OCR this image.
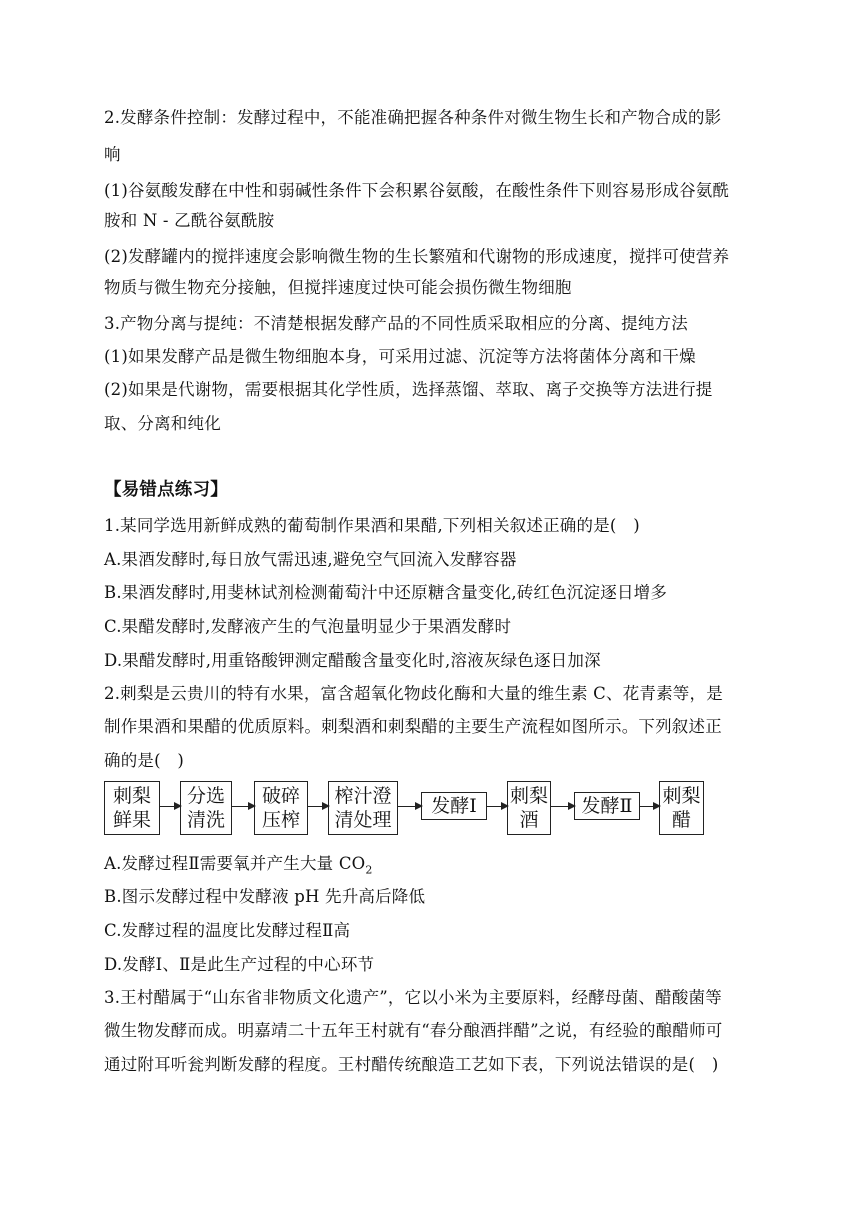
2.发酵条件控制：发酵过程中，不能准确把握各种条件对微生物生长和产物合成的影
响
(1)谷氨酸发酵在中性和弱碱性条件下会积累谷氨酸，在酸性条件下则容易形成谷氨酰
胺和 N - 乙酰谷氨酰胺
(2)发酵罐内的搅拌速度会影响微生物的生长繁殖和代谢物的形成速度，搅拌可使营养
物质与微生物充分接触，但搅拌速度过快可能会损伤微生物细胞
3.产物分离与提纯：不清楚根据发酵产品的不同性质采取相应的分离、提纯方法
(1)如果发酵产品是微生物细胞本身，可采用过滤、沉淀等方法将菌体分离和干燥
(2)如果是代谢物，需要根据其化学性质，选择蒸馏、萃取、离子交换等方法进行提
取、分离和纯化
【易错点练习】
1.某同学选用新鲜成熟的葡萄制作果酒和果醋,下列相关叙述正确的是(　)
A.果酒发酵时,每日放气需迅速,避免空气回流入发酵容器
B.果酒发酵时,用斐林试剂检测葡萄汁中还原糖含量变化,砖红色沉淀逐日增多
C.果醋发酵时,发酵液产生的气泡量明显少于果酒发酵时
D.果醋发酵时,用重铬酸钾测定醋酸含量变化时,溶液灰绿色逐日加深
2.刺梨是云贵川的特有水果，富含超氧化物歧化酶和大量的维生素 C、花青素等，是
制作果酒和果醋的优质原料。刺梨酒和刺梨醋的主要生产流程如图所示。下列叙述正
确的是(　)
刺梨
鲜果
分选
清洗
破碎
压榨
榨汁澄
清处理
发酵Ⅰ 刺梨
酒
发酵Ⅱ 刺梨
醋
A.发酵过程Ⅱ需要氧并产生大量 $CO_2$
B.图示发酵过程中发酵液 pH 先升高后降低
C.发酵过程的温度比发酵过程Ⅱ高
D.发酵Ⅰ、Ⅱ是此生产过程的中心环节
3.王村醋属于“山东省非物质文化遗产”，它以小米为主要原料，经酵母菌、醋酸菌等
微生物发酵而成。明嘉靖二十五年王村就有“春分酿酒拌醋”之说，有经验的酿醋师可
通过附耳听瓮判断发酵的程度。王村醋传统酿造工艺如下表，下列说法错误的是(　)
